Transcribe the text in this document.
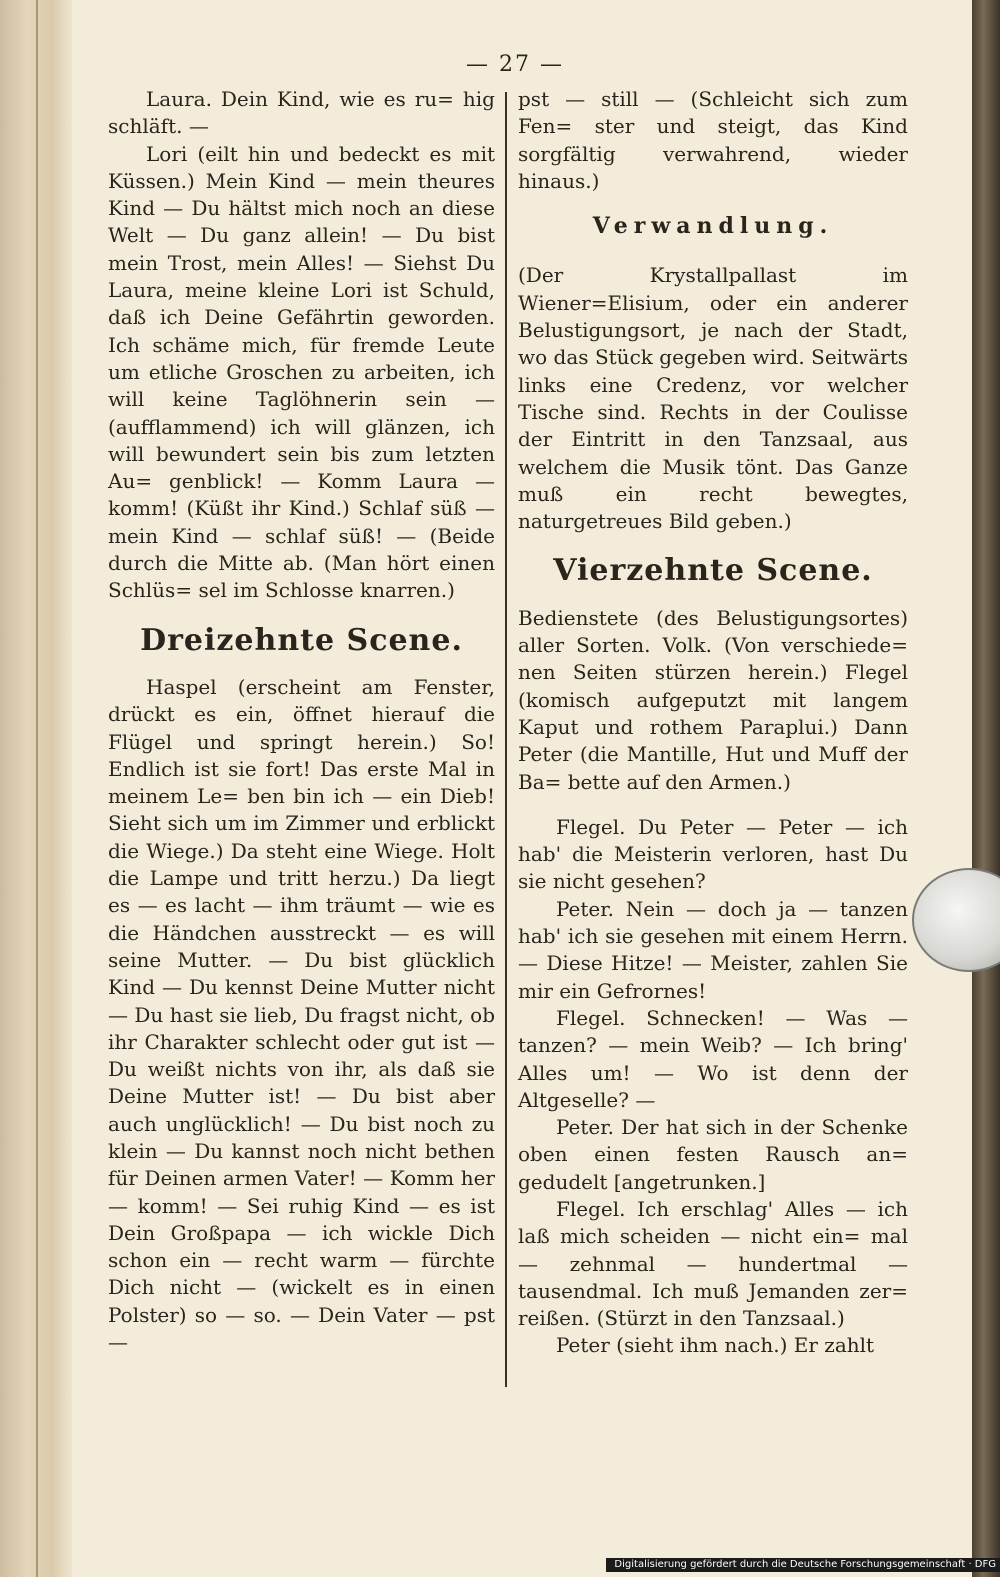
— 27 —

Laura. Dein Kind, wie es ru= hig schläft. —

Lori (eilt hin und bedeckt es mit Küssen.) Mein Kind — mein theures Kind — Du hältst mich noch an diese Welt — Du ganz allein! — Du bist mein Trost, mein Alles! — Siehst Du Laura, meine kleine Lori ist Schuld, daß ich Deine Gefährtin geworden. Ich schäme mich, für fremde Leute um etliche Groschen zu arbeiten, ich will keine Taglöhnerin sein — (aufflammend) ich will glänzen, ich will bewundert sein bis zum letzten Au= genblick! — Komm Laura — komm! (Küßt ihr Kind.) Schlaf süß — mein Kind — schlaf süß! — (Beide durch die Mitte ab. (Man hört einen Schlüs= sel im Schlosse knarren.)

Dreizehnte Scene.

Haspel (erscheint am Fenster, drückt es ein, öffnet hierauf die Flügel und springt herein.) So! Endlich ist sie fort! Das erste Mal in meinem Le= ben bin ich — ein Dieb! Sieht sich um im Zimmer und erblickt die Wiege.) Da steht eine Wiege. Holt die Lampe und tritt herzu.) Da liegt es — es lacht — ihm träumt — wie es die Händchen ausstreckt — es will seine Mutter. — Du bist glücklich Kind — Du kennst Deine Mutter nicht — Du hast sie lieb, Du fragst nicht, ob ihr Charakter schlecht oder gut ist — Du weißt nichts von ihr, als daß sie Deine Mutter ist! — Du bist aber auch unglücklich! — Du bist noch zu klein — Du kannst noch nicht bethen für Deinen armen Vater! — Komm her — komm! — Sei ruhig Kind — es ist Dein Großpapa — ich wickle Dich schon ein — recht warm — fürchte Dich nicht — (wickelt es in einen Polster) so — so. — Dein Vater — pst —

pst — still — (Schleicht sich zum Fen= ster und steigt, das Kind sorgfältig verwahrend, wieder hinaus.)

Verwandlung.

(Der Krystallpallast im Wiener=Elisium, oder ein anderer Belustigungsort, je nach der Stadt, wo das Stück gegeben wird. Seitwärts links eine Credenz, vor welcher Tische sind. Rechts in der Coulisse der Eintritt in den Tanzsaal, aus welchem die Musik tönt. Das Ganze muß ein recht bewegtes, naturgetreues Bild geben.)

Vierzehnte Scene.

Bedienstete (des Belustigungsortes) aller Sorten. Volk. (Von verschiede= nen Seiten stürzen herein.) Flegel (komisch aufgeputzt mit langem Kaput und rothem Paraplui.) Dann Peter (die Mantille, Hut und Muff der Ba= bette auf den Armen.)

Flegel. Du Peter — Peter — ich hab' die Meisterin verloren, hast Du sie nicht gesehen?

Peter. Nein — doch ja — tanzen hab' ich sie gesehen mit einem Herrn. — Diese Hitze! — Meister, zahlen Sie mir ein Gefrornes!

Flegel. Schnecken! — Was — tanzen? — mein Weib? — Ich bring' Alles um! — Wo ist denn der Altgeselle? —

Peter. Der hat sich in der Schenke oben einen festen Rausch an= gedudelt [angetrunken.]

Flegel. Ich erschlag' Alles — ich laß mich scheiden — nicht ein= mal — zehnmal — hundertmal — tausendmal. Ich muß Jemanden zer= reißen. (Stürzt in den Tanzsaal.)

Peter (sieht ihm nach.) Er zahlt

Digitalisierung gefördert durch die Deutsche Forschungsgemeinschaft · DFG
